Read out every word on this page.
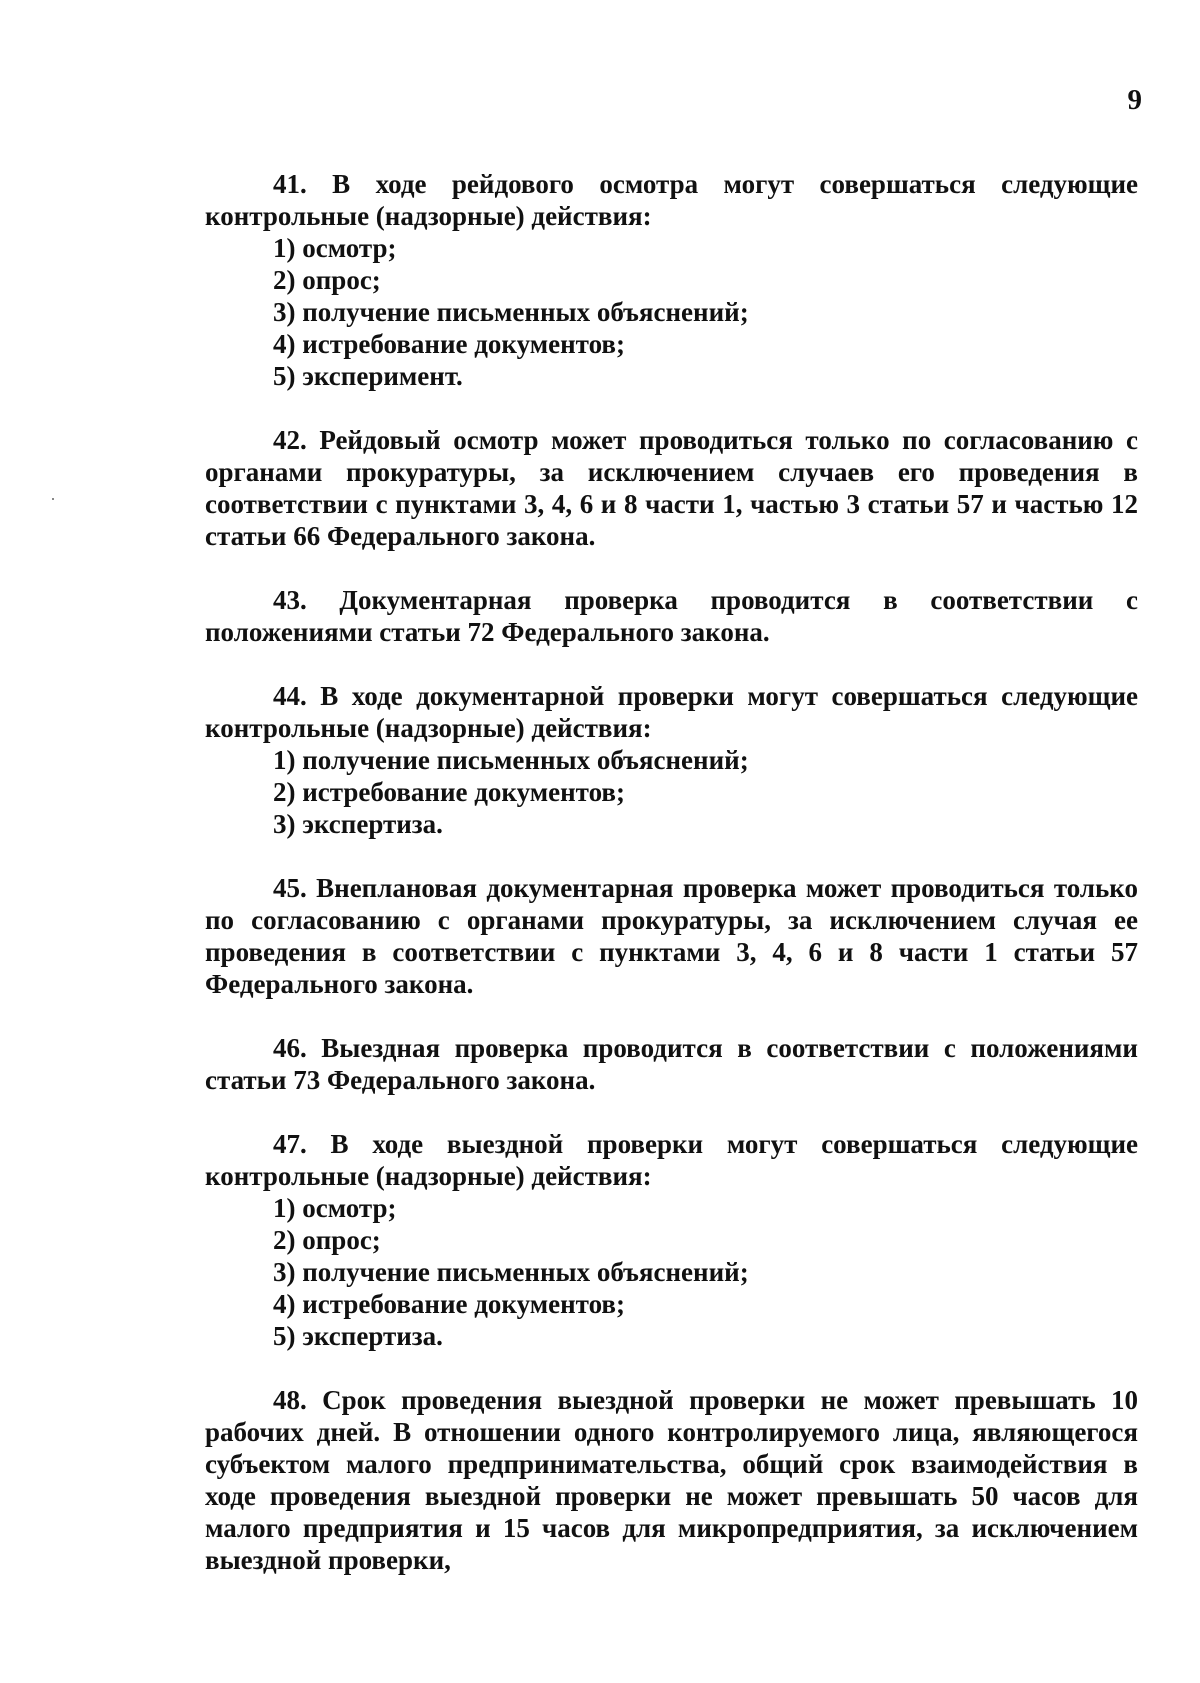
9

41. В ходе рейдового осмотра могут совершаться следующие контрольные (надзорные) действия:

1) осмотр;
2) опрос;
3) получение письменных объяснений;
4) истребование документов;
5) эксперимент.

42. Рейдовый осмотр может проводиться только по согласованию с органами прокуратуры, за исключением случаев его проведения в соответствии с пунктами 3, 4, 6 и 8 части 1, частью 3 статьи 57 и частью 12 статьи 66 Федерального закона.

43. Документарная проверка проводится в соответствии с положениями статьи 72 Федерального закона.

44. В ходе документарной проверки могут совершаться следующие контрольные (надзорные) действия:

1) получение письменных объяснений;
2) истребование документов;
3) экспертиза.

45. Внеплановая документарная проверка может проводиться только по согласованию с органами прокуратуры, за исключением случая ее проведения в соответствии с пунктами 3, 4, 6 и 8 части 1 статьи 57 Федерального закона.

46. Выездная проверка проводится в соответствии с положениями статьи 73 Федерального закона.

47. В ходе выездной проверки могут совершаться следующие контрольные (надзорные) действия:

1) осмотр;
2) опрос;
3) получение письменных объяснений;
4) истребование документов;
5) экспертиза.

48. Срок проведения выездной проверки не может превышать 10 рабочих дней. В отношении одного контролируемого лица, являющегося субъектом малого предпринимательства, общий срок взаимодействия в ходе проведения выездной проверки не может превышать 50 часов для малого предприятия и 15 часов для микропредприятия, за исключением выездной проверки,
